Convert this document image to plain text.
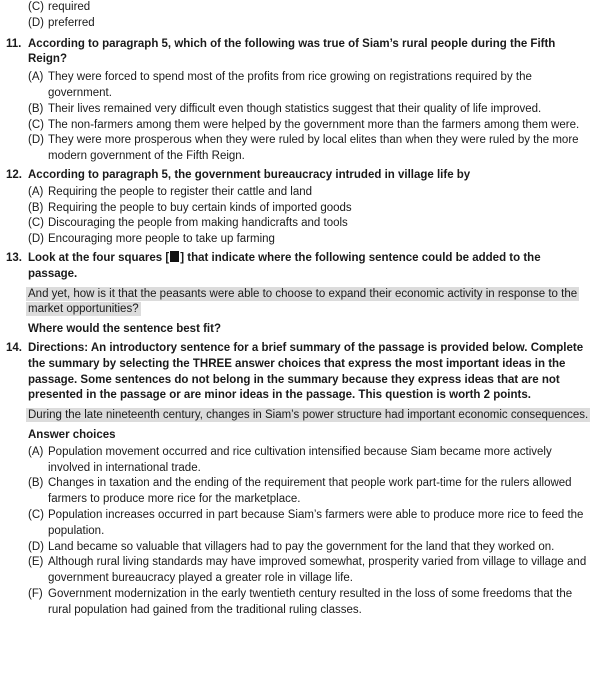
(C) required
(D) preferred
11. According to paragraph 5, which of the following was true of Siam’s rural people during the Fifth Reign?
(A) They were forced to spend most of the profits from rice growing on registrations required by the government.
(B) Their lives remained very difficult even though statistics suggest that their quality of life improved.
(C) The non-farmers among them were helped by the government more than the farmers among them were.
(D) They were more prosperous when they were ruled by local elites than when they were ruled by the more modern government of the Fifth Reign.
12. According to paragraph 5, the government bureaucracy intruded in village life by
(A) Requiring the people to register their cattle and land
(B) Requiring the people to buy certain kinds of imported goods
(C) Discouraging the people from making handicrafts and tools
(D) Encouraging more people to take up farming
13. Look at the four squares [ ] that indicate where the following sentence could be added to the passage.
And yet, how is it that the peasants were able to choose to expand their economic activity in response to the market opportunities?
Where would the sentence best fit?
14. Directions: An introductory sentence for a brief summary of the passage is provided below. Complete the summary by selecting the THREE answer choices that express the most important ideas in the passage. Some sentences do not belong in the summary because they express ideas that are not presented in the passage or are minor ideas in the passage. This question is worth 2 points.
During the late nineteenth century, changes in Siam’s power structure had important economic consequences.
Answer choices
(A) Population movement occurred and rice cultivation intensified because Siam became more actively involved in international trade.
(B) Changes in taxation and the ending of the requirement that people work part-time for the rulers allowed farmers to produce more rice for the marketplace.
(C) Population increases occurred in part because Siam’s farmers were able to produce more rice to feed the population.
(D) Land became so valuable that villagers had to pay the government for the land that they worked on.
(E) Although rural living standards may have improved somewhat, prosperity varied from village to village and government bureaucracy played a greater role in village life.
(F) Government modernization in the early twentieth century resulted in the loss of some freedoms that the rural population had gained from the traditional ruling classes.
